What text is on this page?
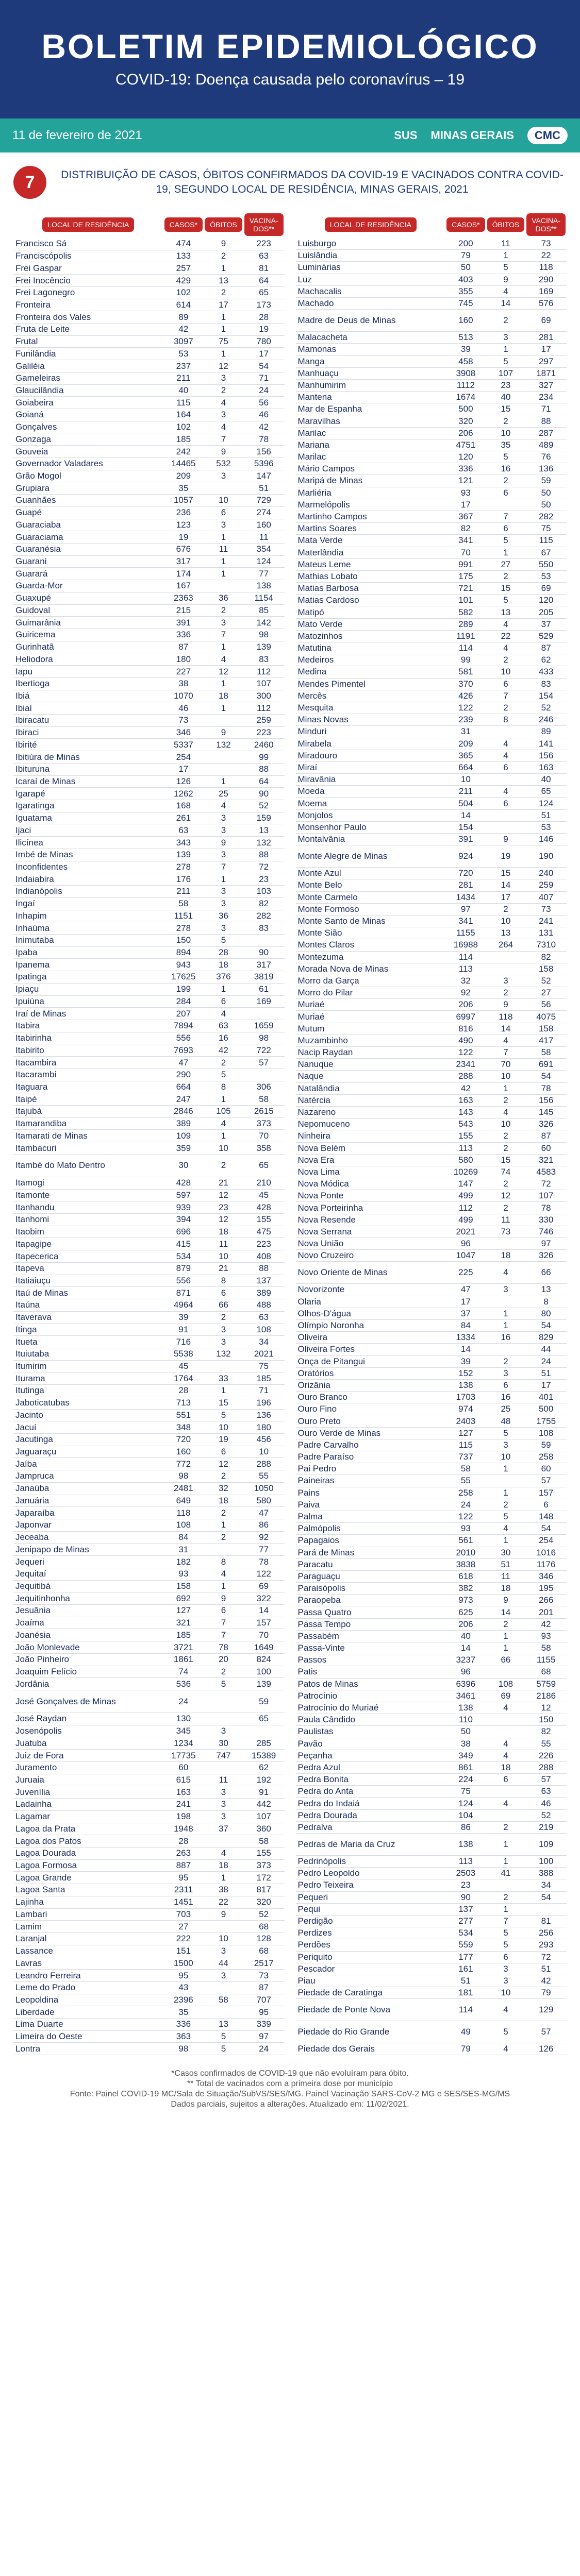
BOLETIM EPIDEMIOLÓGICO
COVID-19: Doença causada pelo coronavírus – 19
11 de fevereiro de 2021	SUS MINAS GERAIS	CMC
7	DISTRIBUIÇÃO DE CASOS, ÓBITOS CONFIRMADOS DA COVID-19 E VACINADOS CONTRA COVID-19, SEGUNDO LOCAL DE RESIDÊNCIA, MINAS GERAIS, 2021
LOCAL DE RESIDÊNCIA	CASOS*	ÓBITOS	VACINA-DOS**
Francisco Sá	474	9	223
Franciscópolis	133	2	63
Frei Gaspar	257	1	81
Frei Inocêncio	429	13	64
Frei Lagonegro	102	2	65
Fronteira	614	17	173
Fronteira dos Vales	89	1	28
Fruta de Leite	42	1	19
Frutal	3097	75	780
Funilândia	53	1	17
Galiléia	237	12	54
Gameleiras	211	3	71
Glaucilândia	40	2	24
Goiabeira	115	4	56
Goianá	164	3	46
Gonçalves	102	4	42
Gonzaga	185	7	78
Gouveia	242	9	156
Governador Valadares	14465	532	5396
Grão Mogol	209	3	147
Grupiara	35		51
Guanhães	1057	10	729
Guapé	236	6	274
Guaraciaba	123	3	160
Guaraciama	19	1	11
Guaranésia	676	11	354
Guarani	317	1	124
Guarará	174	1	77
Guarda-Mor	167		138
Guaxupé	2363	36	1154
Guidoval	215	2	85
Guimarânia	391	3	142
Guiricema	336	7	98
Gurinhatã	87	1	139
Heliodora	180	4	83
Iapu	227	12	112
Ibertioga	38	1	107
Ibiá	1070	18	300
Ibiaí	46	1	112
Ibiracatu	73		259
Ibiraci	346	9	223
Ibirité	5337	132	2460
Ibitiúra de Minas	254		99
Ibituruna	17		88
Icaraí de Minas	126	1	64
Igarapé	1262	25	90
Igaratinga	168	4	52
Iguatama	261	3	159
Ijaci	63	3	13
Ilicínea	343	9	132
Imbé de Minas	139	3	88
Inconfidentes	278	7	72
Indaiabira	176	1	23
Indianópolis	211	3	103
Ingaí	58	3	82
Inhapim	1151	36	282
Inhaúma	278	3	83
Inimutaba	150	5	
Ipaba	894	28	90
Ipanema	943	18	317
Ipatinga	17625	376	3819
Ipiaçu	199	1	61
Ipuiúna	284	6	169
Iraí de Minas	207	4	
Itabira	7894	63	1659
Itabirinha	556	16	98
Itabirito	7693	42	722
Itacambira	47	2	57
Itacarambi	290	5	
Itaguara	664	8	306
Itaipé	247	1	58
Itajubá	2846	105	2615
Itamarandiba	389	4	373
Itamarati de Minas	109	1	70
Itambacuri	359	10	358
Itambé do Mato Dentro	30	2	65
Itamogi	428	21	210
Itamonte	597	12	45
Itanhandu	939	23	428
Itanhomi	394	12	155
Itaobim	696	18	475
Itapagipe	415	11	223
Itapecerica	534	10	408
Itapeva	879	21	88
Itatiaiuçu	556	8	137
Itaú de Minas	871	6	389
Itaúna	4964	66	488
Itaverava	39	2	63
Itinga	91	3	108
Itueta	716	3	34
Ituiutaba	5538	132	2021
Itumirim	45		75
Iturama	1764	33	185
Itutinga	28	1	71
Jaboticatubas	713	15	196
Jacinto	551	5	136
Jacuí	348	10	180
Jacutinga	720	19	456
Jaguaraçu	160	6	10
Jaíba	772	12	288
Jampruca	98	2	55
Janaúba	2481	32	1050
Januária	649	18	580
Japaraíba	118	2	47
Japonvar	108	1	86
Jeceaba	84	2	92
Jenipapo de Minas	31		77
Jequeri	182	8	78
Jequitaí	93	4	122
Jequitibá	158	1	69
Jequitinhonha	692	9	322
Jesuânia	127	6	14
Joaíma	321	7	157
Joanésia	185	7	70
João Monlevade	3721	78	1649
João Pinheiro	1861	20	824
Joaquim Felício	74	2	100
Jordânia	536	5	139
José Gonçalves de Minas	24		59
José Raydan	130		65
Josenópolis	345	3	
Juatuba	1234	30	285
Juiz de Fora	17735	747	15389
Juramento	60		62
Juruaia	615	11	192
Juvenília	163	3	91
Ladainha	241	3	442
Lagamar	198	3	107
Lagoa da Prata	1948	37	360
Lagoa dos Patos	28		58
Lagoa Dourada	263	4	155
Lagoa Formosa	887	18	373
Lagoa Grande	95	1	172
Lagoa Santa	2311	38	817
Lajinha	1451	22	320
Lambari	703	9	52
Lamim	27		68
Laranjal	222	10	128
Lassance	151	3	68
Lavras	1500	44	2517
Leandro Ferreira	95	3	73
Leme do Prado	43		87
Leopoldina	2396	58	707
Liberdade	35		95
Lima Duarte	336	13	339
Limeira do Oeste	363	5	97
Lontra	98	5	24
LOCAL DE RESIDÊNCIA	CASOS*	ÓBITOS	VACINA-DOS**
Luisburgo	200	11	73
Luislândia	79	1	22
Luminárias	50	5	118
Luz	403	9	290
Machacalis	355	4	169
Machado	745	14	576
Madre de Deus de Minas	160	2	69
Malacacheta	513	3	281
Mamonas	39	1	17
Manga	458	5	297
Manhuaçu	3908	107	1871
Manhumirim	1112	23	327
Mantena	1674	40	234
Mar de Espanha	500	15	71
Maravilhas	320	2	88
Marilac	206	10	287
Mariana	4751	35	489
Marilac	120	5	76
Mário Campos	336	16	136
Maripá de Minas	121	2	59
Marliéria	93	6	50
Marmelópolis	17		50
Martinho Campos	367	7	282
Martins Soares	82	6	75
Mata Verde	341	5	115
Materlândia	70	1	67
Mateus Leme	991	27	550
Mathias Lobato	175	2	53
Matias Barbosa	721	15	69
Matias Cardoso	101	5	120
Matipó	582	13	205
Mato Verde	289	4	37
Matozinhos	1191	22	529
Matutina	114	4	87
Medeiros	99	2	62
Medina	581	10	433
Mendes Pimentel	370	6	83
Mercês	426	7	154
Mesquita	122	2	52
Minas Novas	239	8	246
Minduri	31		89
Mirabela	209	4	141
Miradouro	365	4	156
Miraí	664	6	163
Miravânia	10		40
Moeda	211	4	65
Moema	504	6	124
Monjolos	14		51
Monsenhor Paulo	154		53
Montalvânia	391	9	146
Monte Alegre de Minas	924	19	190
Monte Azul	720	15	240
Monte Belo	281	14	259
Monte Carmelo	1434	17	407
Monte Formoso	97	2	73
Monte Santo de Minas	341	10	241
Monte Sião	1155	13	131
Montes Claros	16988	264	7310
Montezuma	114		82
Morada Nova de Minas	113		158
Morro da Garça	32	3	52
Morro do Pilar	92	2	27
Muriaé	206	9	56
Muriaé	6997	118	4075
Mutum	816	14	158
Muzambinho	490	4	417
Nacip Raydan	122	7	58
Nanuque	2341	70	691
Naque	288	10	54
Natalândia	42	1	78
Natércia	163	2	156
Nazareno	143	4	145
Nepomuceno	543	10	326
Ninheira	155	2	87
Nova Belém	113	2	60
Nova Era	580	15	321
Nova Lima	10269	74	4583
Nova Módica	147	2	72
Nova Ponte	499	12	107
Nova Porteirinha	112	2	78
Nova Resende	499	11	330
Nova Serrana	2021	73	746
Nova União	96		97
Novo Cruzeiro	1047	18	326
Novo Oriente de Minas	225	4	66
Novorizonte	47	3	13
Olaria	17		8
Olhos-D'água	37	1	80
Olímpio Noronha	84	1	54
Oliveira	1334	16	829
Oliveira Fortes	14		44
Onça de Pitangui	39	2	24
Oratórios	152	3	51
Orizânia	138	6	17
Ouro Branco	1703	16	401
Ouro Fino	974	25	500
Ouro Preto	2403	48	1755
Ouro Verde de Minas	127	5	108
Padre Carvalho	115	3	59
Padre Paraíso	737	10	258
Pai Pedro	58	1	60
Paineiras	55		57
Pains	258	1	157
Paiva	24	2	6
Palma	122	5	148
Palmópolis	93	4	54
Papagaios	561	1	254
Pará de Minas	2010	30	1016
Paracatu	3838	51	1176
Paraguaçu	618	11	346
Paraisópolis	382	18	195
Paraopeba	973	9	266
Passa Quatro	625	14	201
Passa Tempo	206	2	42
Passabém	40	1	93
Passa-Vinte	14	1	58
Passos	3237	66	1155
Patis	96		68
Patos de Minas	6396	108	5759
Patrocínio	3461	69	2186
Patrocínio do Muriaé	138	4	12
Paula Cândido	110		150
Paulistas	50		82
Pavão	38	4	55
Peçanha	349	4	226
Pedra Azul	861	18	288
Pedra Bonita	224	6	57
Pedra do Anta	75		63
Pedra do Indaiá	124	4	46
Pedra Dourada	104		52
Pedralva	86	2	219
Pedras de Maria da Cruz	138	1	109
Pedrinópolis	113	1	100
Pedro Leopoldo	2503	41	388
Pedro Teixeira	23		34
Pequeri	90	2	54
Pequi	137	1	
Perdigão	277	7	81
Perdizes	534	5	256
Perdões	559	5	293
Periquito	177	6	72
Pescador	161	3	51
Piau	51	3	42
Piedade de Caratinga	181	10	79
Piedade de Ponte Nova	114	4	129
Piedade do Rio Grande	49	5	57
Piedade dos Gerais	79	4	126
*Casos confirmados de COVID-19 que não evoluíram para óbito.
** Total de vacinados com a primeira dose por município
Fonte: Painel COVID-19 MC/Sala de Situação/SubVS/SES/MG. Painel Vacinação SARS-CoV-2 MG e SES/SES-MG/MS
Dados parciais, sujeitos a alterações. Atualizado em: 11/02/2021.
